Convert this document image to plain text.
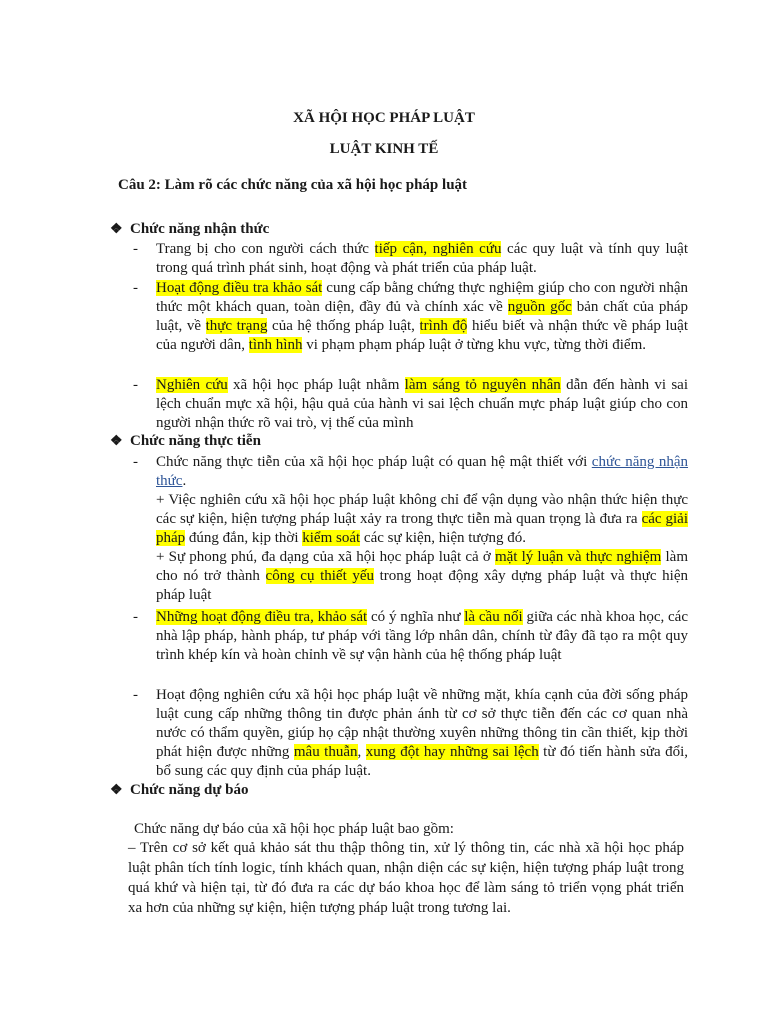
XÃ HỘI HỌC PHÁP LUẬT
LUẬT KINH TẾ
Câu 2: Làm rõ các chức năng của xã hội học pháp luật
❖ Chức năng nhận thức
- Trang bị cho con người cách thức tiếp cận, nghiên cứu các quy luật và tính quy luật trong quá trình phát sinh, hoạt động và phát triển của pháp luật.
- Hoạt động điều tra khảo sát cung cấp bằng chứng thực nghiệm giúp cho con người nhận thức một khách quan, toàn diện, đầy đủ và chính xác về nguồn gốc bản chất của pháp luật, về thực trạng của hệ thống pháp luật, trình độ hiểu biết và nhận thức về pháp luật của người dân, tình hình vi phạm phạm pháp luật ở từng khu vực, từng thời điểm.
- Nghiên cứu xã hội học pháp luật nhằm làm sáng tỏ nguyên nhân dẫn đến hành vi sai lệch chuẩn mực xã hội, hậu quả của hành vi sai lệch chuẩn mực pháp luật giúp cho con người nhận thức rõ vai trò, vị thế của mình
❖ Chức năng thực tiễn
- Chức năng thực tiễn của xã hội học pháp luật có quan hệ mật thiết với chức năng nhận thức.
+ Việc nghiên cứu xã hội học pháp luật không chỉ để vận dụng vào nhận thức hiện thực các sự kiện, hiện tượng pháp luật xảy ra trong thực tiễn mà quan trọng là đưa ra các giải pháp đúng đắn, kịp thời kiểm soát các sự kiện, hiện tượng đó.
+ Sự phong phú, đa dạng của xã hội học pháp luật cả ở mặt lý luận và thực nghiệm làm cho nó trở thành công cụ thiết yếu trong hoạt động xây dựng pháp luật và thực hiện pháp luật
- Những hoạt động điều tra, khảo sát có ý nghĩa như là cầu nối giữa các nhà khoa học, các nhà lập pháp, hành pháp, tư pháp với tầng lớp nhân dân, chính từ đây đã tạo ra một quy trình khép kín và hoàn chỉnh về sự vận hành của hệ thống pháp luật
- Hoạt động nghiên cứu xã hội học pháp luật về những mặt, khía cạnh của đời sống pháp luật cung cấp những thông tin được phản ánh từ cơ sở thực tiễn đến các cơ quan nhà nước có thẩm quyền, giúp họ cập nhật thường xuyên những thông tin cần thiết, kịp thời phát hiện được những mâu thuẫn, xung đột hay những sai lệch từ đó tiến hành sửa đổi, bổ sung các quy định của pháp luật.
❖ Chức năng dự báo
Chức năng dự báo của xã hội học pháp luật bao gồm:
– Trên cơ sở kết quả khảo sát thu thập thông tin, xử lý thông tin, các nhà xã hội học pháp luật phân tích tính logic, tính khách quan, nhận diện các sự kiện, hiện tượng pháp luật trong quá khứ và hiện tại, từ đó đưa ra các dự báo khoa học để làm sáng tỏ triển vọng phát triển xa hơn của những sự kiện, hiện tượng pháp luật trong tương lai.
